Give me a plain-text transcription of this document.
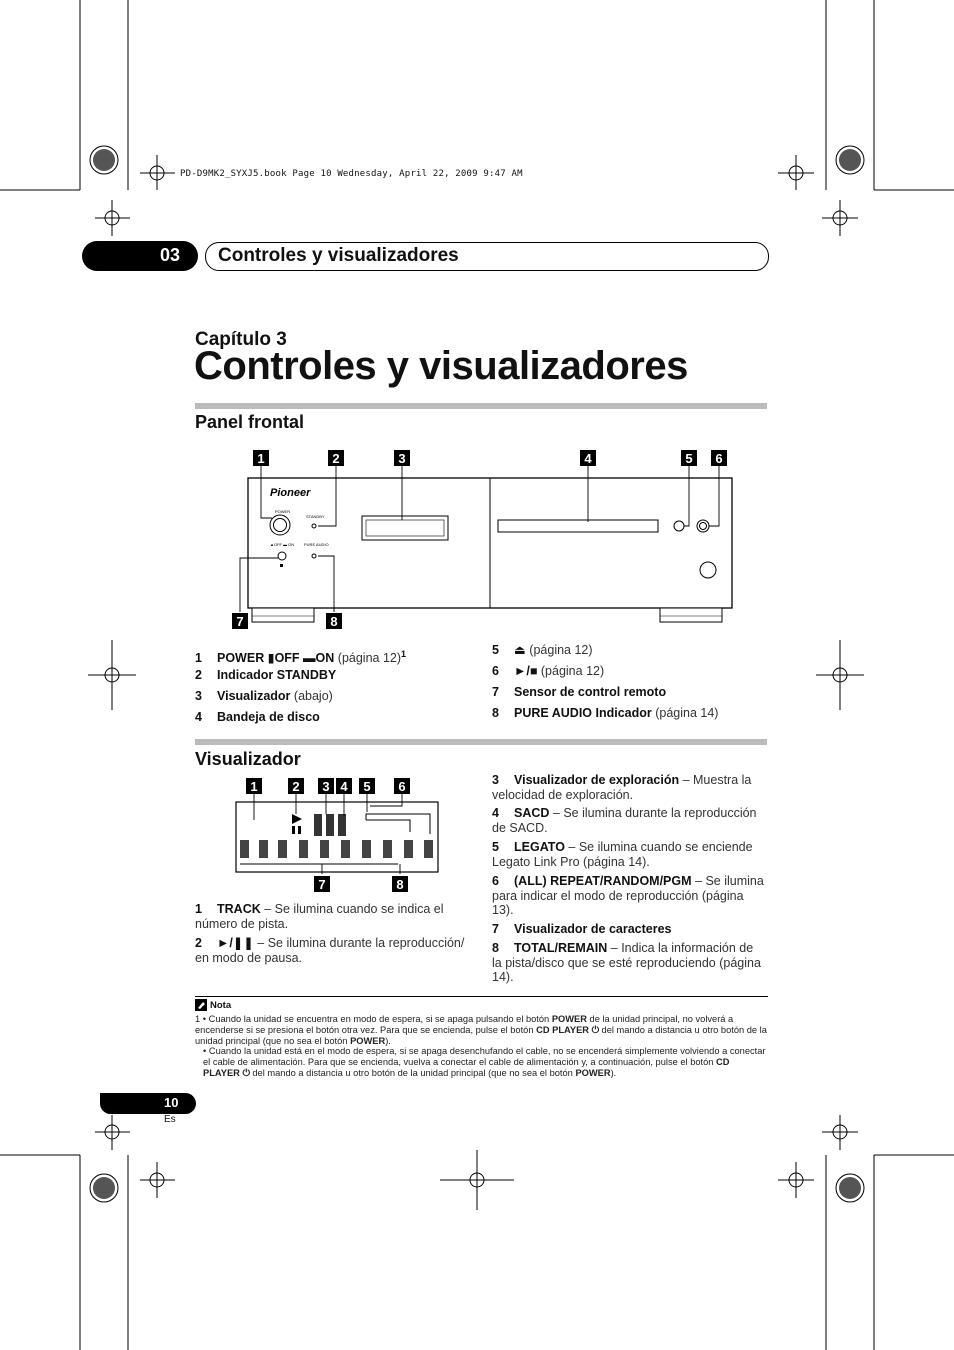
PD-D9MK2_SYXJ5.book Page 10 Wednesday, April 22, 2009 9:47 AM
03 Controles y visualizadores
Capítulo 3
Controles y visualizadores
Panel frontal
Pioneer
POWER
▲OFF ▬ ON
STANDBY
PURE AUDIO
1	2	3	4	5 6
7	8
1 POWER ▮OFF ▬ON (página 12)$^1$
2 Indicador STANDBY
3 Visualizador (abajo)
4 Bandeja de disco
5 ⏏ (página 12)
6 ►/■ (página 12)
7 Sensor de control remoto
8 PURE AUDIO Indicador (página 14)
Visualizador
1	2 3 4 5 6
7	8
1 TRACK – Se ilumina cuando se indica el número de pista.
2 ►/❚❚ – Se ilumina durante la reproducción/ en modo de pausa.
3 Visualizador de exploración – Muestra la velocidad de exploración.
4 SACD – Se ilumina durante la reproducción de SACD.
5 LEGATO – Se ilumina cuando se enciende Legato Link Pro (página 14).
6 (ALL) REPEAT/RANDOM/PGM – Se ilumina para indicar el modo de reproducción (página 13).
7 Visualizador de caracteres
8 TOTAL/REMAIN – Indica la información de la pista/disco que se esté reproduciendo (página 14).
Nota
1 • Cuando la unidad se encuentra en modo de espera, si se apaga pulsando el botón POWER de la unidad principal, no volverá a encenderse si se presiona el botón otra vez. Para que se encienda, pulse el botón CD PLAYER ⏻ del mando a distancia u otro botón de la unidad principal (que no sea el botón POWER).
• Cuando la unidad está en el modo de espera, si se apaga desenchufando el cable, no se encenderá simplemente volviendo a conectar el cable de alimentación. Para que se encienda, vuelva a conectar el cable de alimentación y, a continuación, pulse el botón CD PLAYER ⏻ del mando a distancia u otro botón de la unidad principal (que no sea el botón POWER).
10
Es
